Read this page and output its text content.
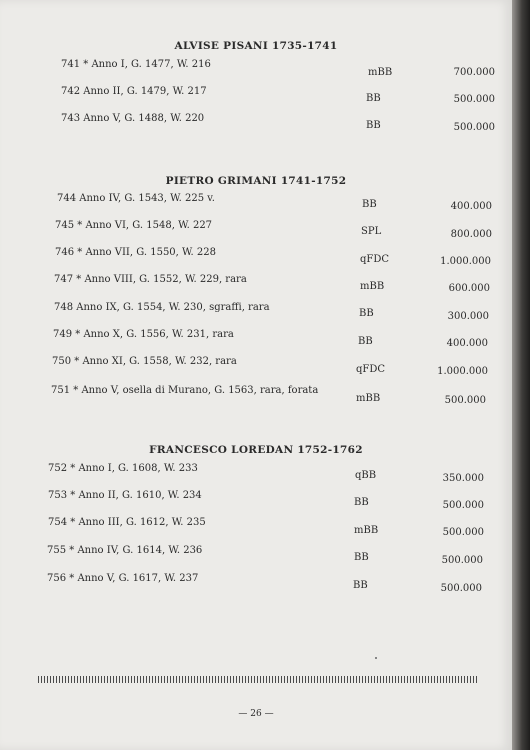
ALVISE PISANI 1735-1741
741 * Anno I, G. 1477, W. 216
mBB	700.000
742 Anno II, G. 1479, W. 217
BB	500.000
743 Anno V, G. 1488, W. 220
BB	500.000
PIETRO GRIMANI 1741-1752
744 Anno IV, G. 1543, W. 225 v.
BB	400.000
745 * Anno VI, G. 1548, W. 227
SPL	800.000
746 * Anno VII, G. 1550, W. 228
qFDC	1.000.000
747 * Anno VIII, G. 1552, W. 229, rara
mBB	600.000
748 Anno IX, G. 1554, W. 230, sgraffi, rara
BB	300.000
749 * Anno X, G. 1556, W. 231, rara
BB	400.000
750 * Anno XI, G. 1558, W. 232, rara
qFDC	1.000.000
751 * Anno V, osella di Murano, G. 1563, rara, forata
mBB	500.000
FRANCESCO LOREDAN 1752-1762
752 * Anno I, G. 1608, W. 233
qBB	350.000
753 * Anno II, G. 1610, W. 234
BB	500.000
754 * Anno III, G. 1612, W. 235
mBB	500.000
755 * Anno IV, G. 1614, W. 236
BB	500.000
756 * Anno V, G. 1617, W. 237
BB	500.000
— 26 —
